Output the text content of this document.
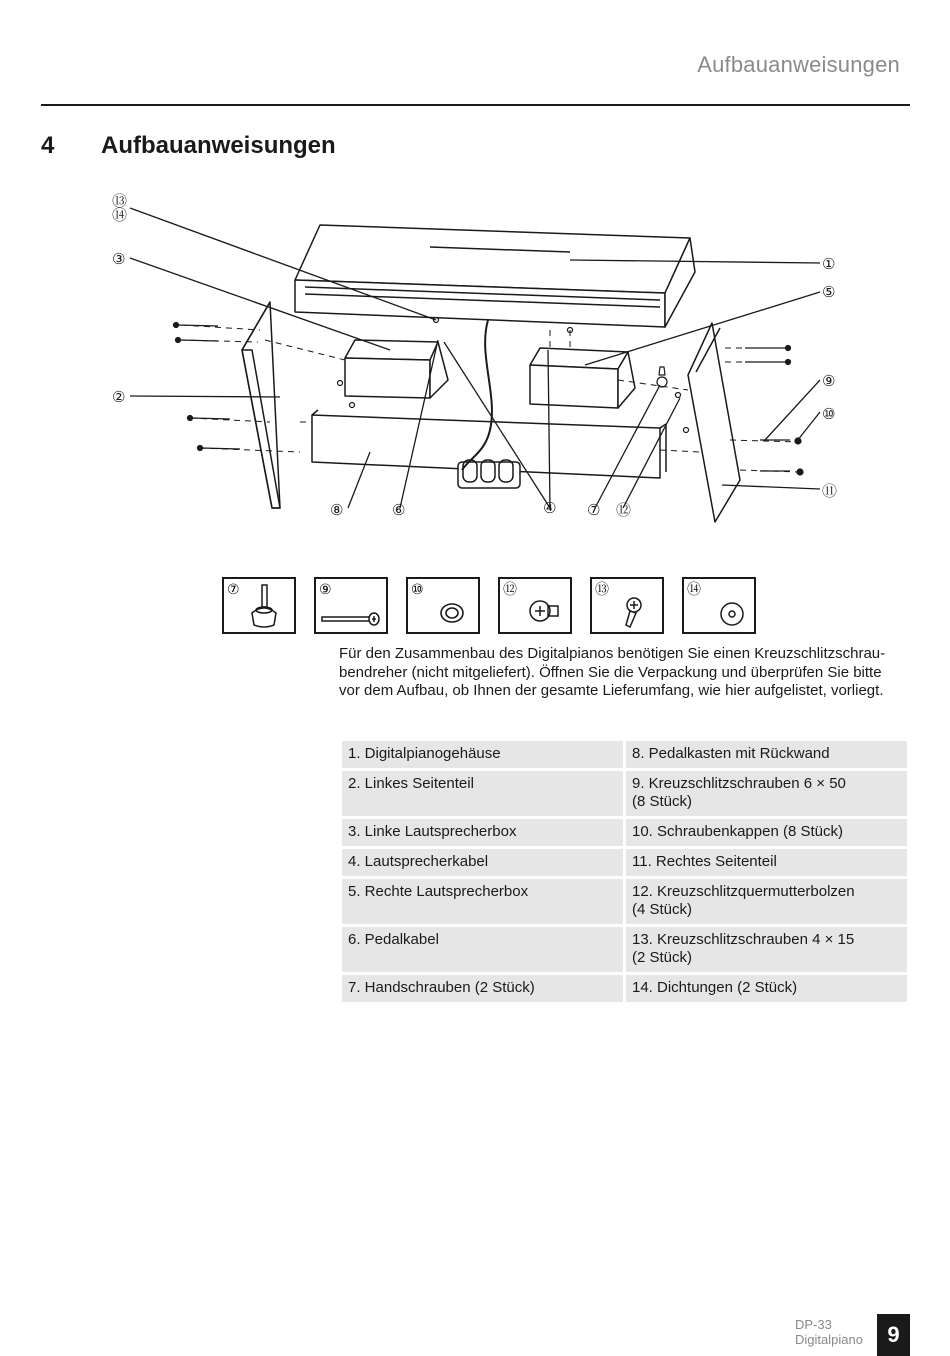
Aufbauanweisungen
4 Aufbauanweisungen
⑬
⑭
③
②
①
⑤
⑨
⑩
⑪
⑧	⑥	④ ⑦ ⑫
⑦	⑨	⑩	⑫	⑬	⑭

Für den Zusammenbau des Digitalpianos benötigen Sie einen Kreuzschlitzschrau-

bendreher (nicht mitgeliefert). Öffnen Sie die Verpackung und überprüfen Sie bitte

vor dem Aufbau, ob Ihnen der gesamte Lieferumfang, wie hier aufgelistet, vorliegt.

1. Digitalpianogehäuse	8. Pedalkasten mit Rückwand

2. Linkes Seitenteil	9. Kreuzschlitzschrauben 6 × 50
(8 Stück)

3. Linke Lautsprecherbox	10. Schraubenkappen (8 Stück)

4. Lautsprecherkabel	11. Rechtes Seitenteil

5. Rechte Lautsprecherbox	12. Kreuzschlitzquermutterbolzen
(4 Stück)

6. Pedalkabel	13. Kreuzschlitzschrauben 4 × 15
(2 Stück)

7. Handschrauben (2 Stück)	14. Dichtungen (2 Stück)
DP-33
Digitalpiano	9
